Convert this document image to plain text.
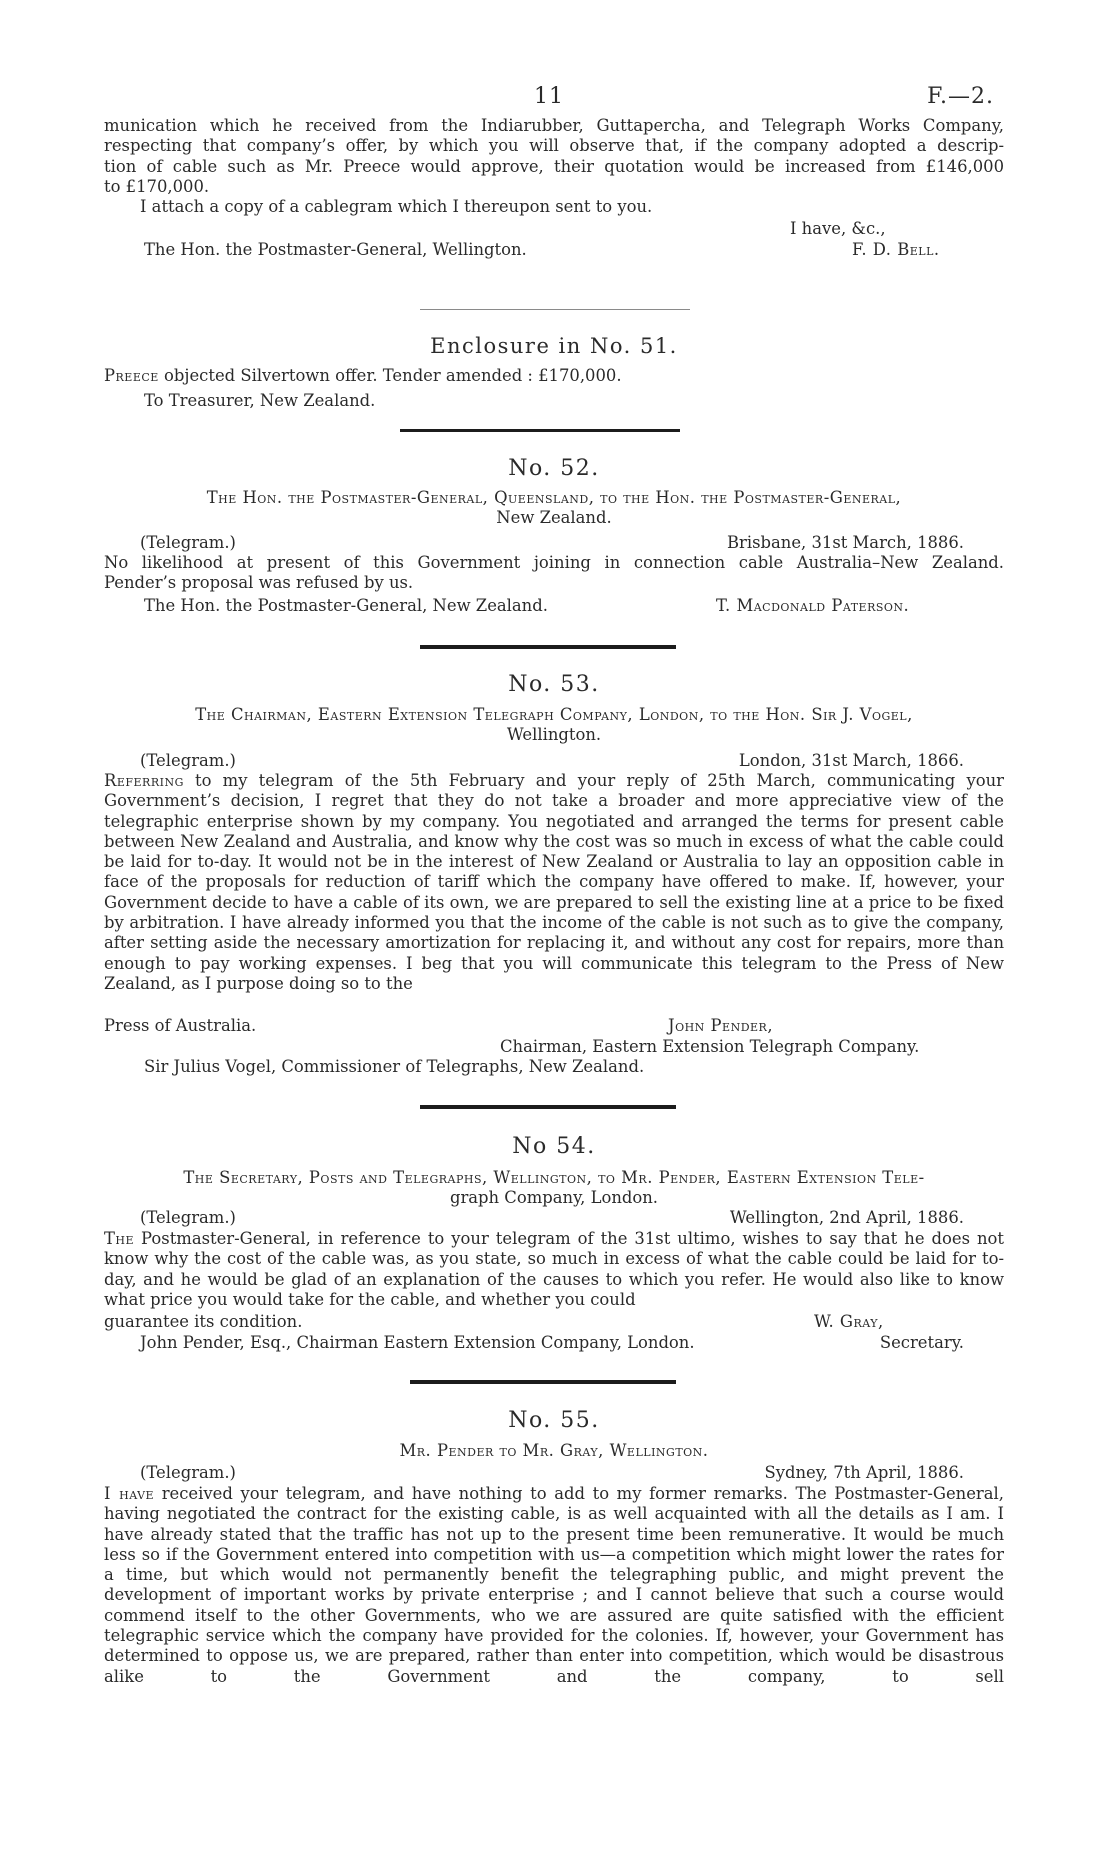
11	F.—2.
munication which he received from the Indiarubber, Guttapercha, and Telegraph Works Company,
respecting that company’s offer, by which you will observe that, if the company adopted a descrip-
tion of cable such as Mr. Preece would approve, their quotation would be increased from £146,000
to £170,000.
I attach a copy of a cablegram which I thereupon sent to you.
I have, &c.,
The Hon. the Postmaster-General, Wellington.	F. D. Bell.
Enclosure in No. 51.
Preece objected Silvertown offer. Tender amended : £170,000.
To Treasurer, New Zealand.
No. 52.
The Hon. the Postmaster-General, Queensland, to the Hon. the Postmaster-General,
New Zealand.
(Telegram.)	Brisbane, 31st March, 1886.
No likelihood at present of this Government joining in connection cable Australia–New Zealand.
Pender’s proposal was refused by us.
The Hon. the Postmaster-General, New Zealand.	T. Macdonald Paterson.
No. 53.
The Chairman, Eastern Extension Telegraph Company, London, to the Hon. Sir J. Vogel,
Wellington.
(Telegram.)	London, 31st March, 1866.
Referring to my telegram of the 5th February and your reply of 25th March, communicating your Government’s decision, I regret that they do not take a broader and more appreciative view of the telegraphic enterprise shown by my company. You negotiated and arranged the terms for present cable between New Zealand and Australia, and know why the cost was so much in excess of what the cable could be laid for to-day. It would not be in the interest of New Zealand or Australia to lay an opposition cable in face of the proposals for reduction of tariff which the company have offered to make. If, however, your Government decide to have a cable of its own, we are prepared to sell the existing line at a price to be fixed by arbitration. I have already informed you that the income of the cable is not such as to give the company, after setting aside the necessary amortization for replacing it, and without any cost for repairs, more than enough to pay working expenses. I beg that you will communicate this telegram to the Press of New Zealand, as I purpose doing so to the
Press of Australia.	John Pender,
Chairman, Eastern Extension Telegraph Company.
Sir Julius Vogel, Commissioner of Telegraphs, New Zealand.
No 54.
The Secretary, Posts and Telegraphs, Wellington, to Mr. Pender, Eastern Extension Tele-
graph Company, London.
(Telegram.)	Wellington, 2nd April, 1886.
The Postmaster-General, in reference to your telegram of the 31st ultimo, wishes to say that he does not know why the cost of the cable was, as you state, so much in excess of what the cable could be laid for to-day, and he would be glad of an explanation of the causes to which you refer. He would also like to know what price you would take for the cable, and whether you could
guarantee its condition.	W. Gray,
John Pender, Esq., Chairman Eastern Extension Company, London.	Secretary.
No. 55.
Mr. Pender to Mr. Gray, Wellington.
(Telegram.)	Sydney, 7th April, 1886.
I have received your telegram, and have nothing to add to my former remarks. The Postmaster-General, having negotiated the contract for the existing cable, is as well acquainted with all the details as I am. I have already stated that the traffic has not up to the present time been remunerative. It would be much less so if the Government entered into competition with us—a competition which might lower the rates for a time, but which would not permanently benefit the telegraphing public, and might prevent the development of important works by private enterprise ; and I cannot believe that such a course would commend itself to the other Governments, who we are assured are quite satisfied with the efficient telegraphic service which the company have provided for the colonies. If, however, your Government has determined to oppose us, we are prepared, rather than enter into competition, which would be disastrous alike to the Government and the company, to sell
